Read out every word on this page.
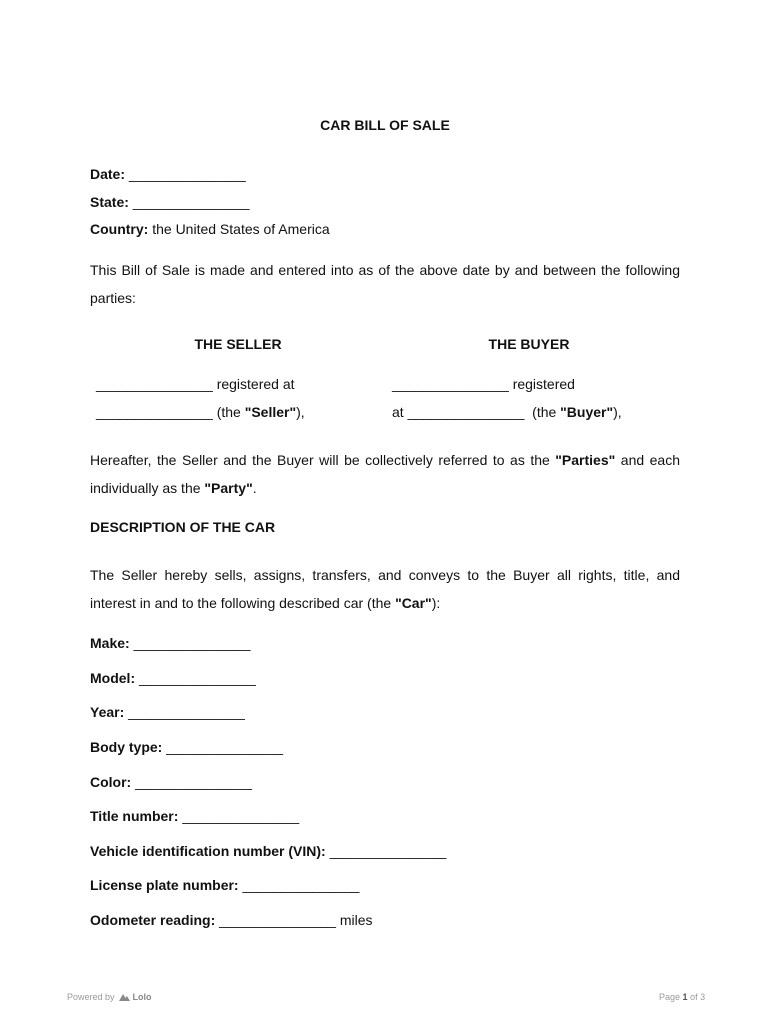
CAR BILL OF SALE
Date: _______________
State: _______________
Country: the United States of America
This Bill of Sale is made and entered into as of the above date by and between the following parties:
THE SELLER	THE BUYER
_______________ registered at
_______________ (the "Seller"),
_______________ registered
at _______________ (the "Buyer"),
Hereafter, the Seller and the Buyer will be collectively referred to as the "Parties" and each individually as the "Party".
DESCRIPTION OF THE CAR
The Seller hereby sells, assigns, transfers, and conveys to the Buyer all rights, title, and interest in and to the following described car (the "Car"):
Make: _______________
Model: _______________
Year: _______________
Body type: _______________
Color: _______________
Title number: _______________
Vehicle identification number (VIN): _______________
License plate number: _______________
Odometer reading: _______________ miles
Powered by Lolo	Page 1 of 3
